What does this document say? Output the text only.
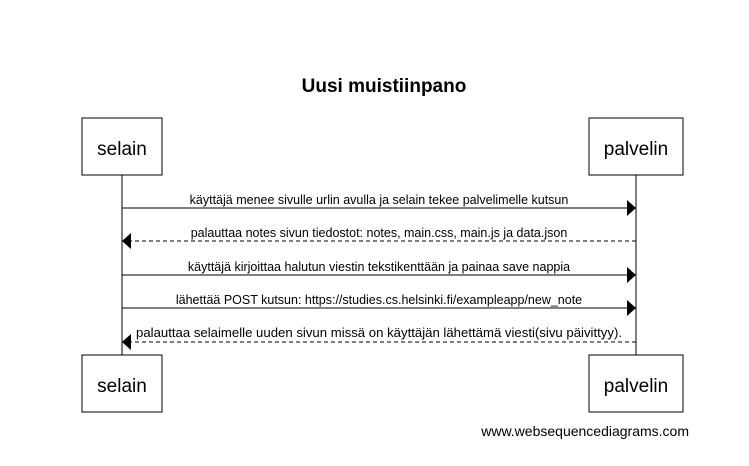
Uusi muistiinpano
selain	palvelin
käyttäjä menee sivulle urlin avulla ja selain tekee palvelimelle kutsun
palauttaa notes sivun tiedostot: notes, main.css, main.js ja data.json
käyttäjä kirjoittaa halutun viestin tekstikenttään ja painaa save nappia
lähettää POST kutsun: https://studies.cs.helsinki.fi/exampleapp/new_note
palauttaa selaimelle uuden sivun missä on käyttäjän lähettämä viesti(sivu päivittyy).
selain	palvelin
www.websequencediagrams.com
